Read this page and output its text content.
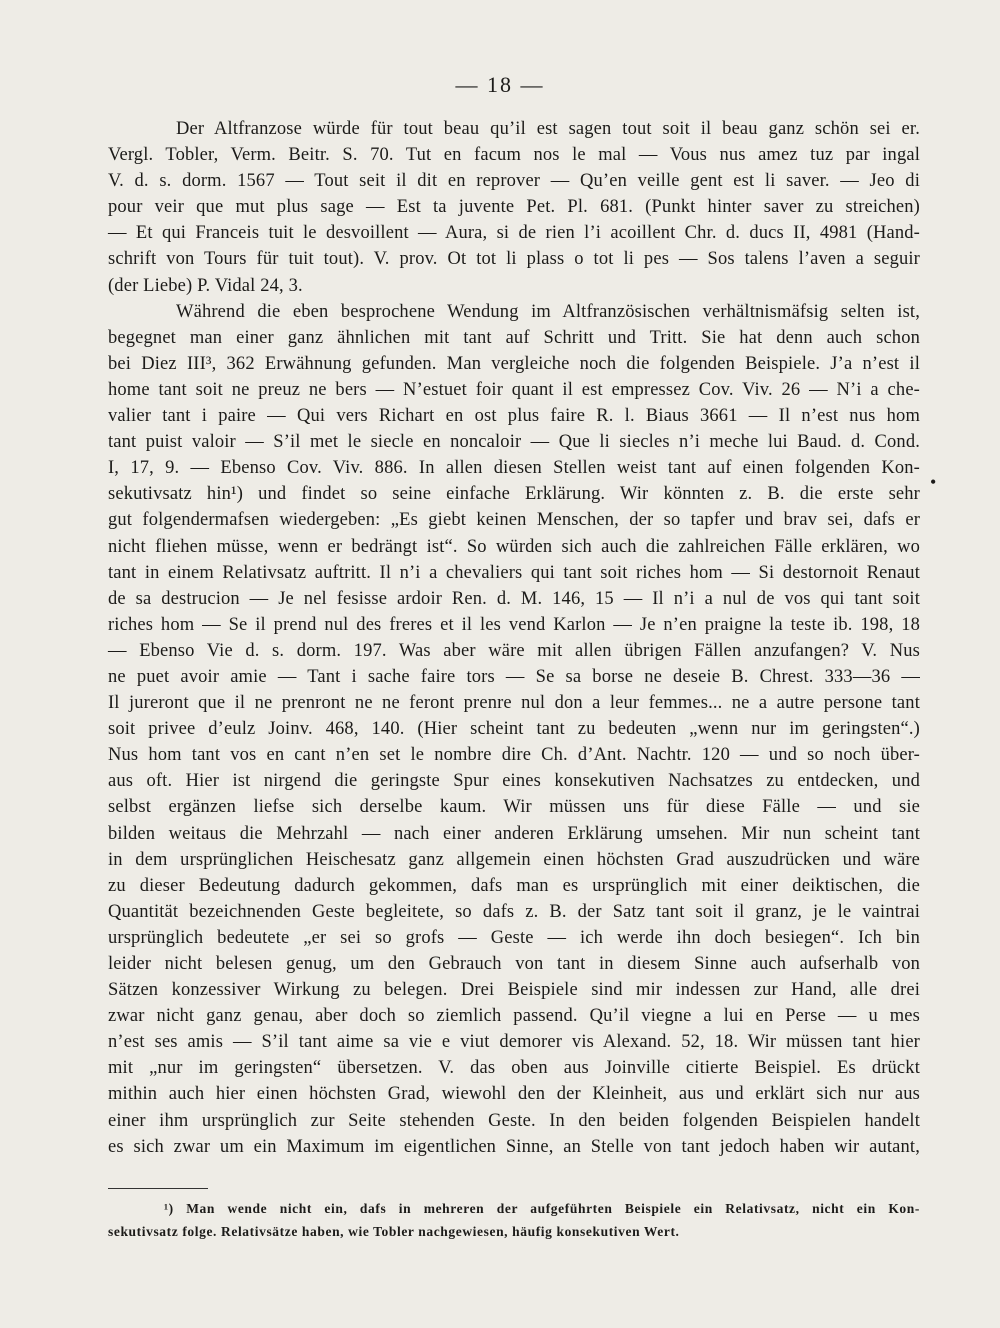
— 18 —
Der Altfranzose würde für tout beau qu’il est sagen tout soit il beau ganz schön sei er.
Vergl. Tobler, Verm. Beitr. S. 70. Tut en facum nos le mal — Vous nus amez tuz par ingal
V. d. s. dorm. 1567 — Tout seit il dit en reprover — Qu’en veille gent est li saver. — Jeo di
pour veir que mut plus sage — Est ta juvente Pet. Pl. 681. (Punkt hinter saver zu streichen)
— Et qui Franceis tuit le desvoillent — Aura, si de rien l’i acoillent Chr. d. ducs II, 4981 (Hand-
schrift von Tours für tuit tout). V. prov. Ot tot li plass o tot li pes — Sos talens l’aven a seguir
(der Liebe) P. Vidal 24, 3.
Während die eben besprochene Wendung im Altfranzösischen verhältnismäfsig selten ist,
begegnet man einer ganz ähnlichen mit tant auf Schritt und Tritt. Sie hat denn auch schon
bei Diez III³, 362 Erwähnung gefunden. Man vergleiche noch die folgenden Beispiele. J’a n’est il
home tant soit ne preuz ne bers — N’estuet foir quant il est empressez Cov. Viv. 26 — N’i a che-
valier tant i paire — Qui vers Richart en ost plus faire R. l. Biaus 3661 — Il n’est nus hom
tant puist valoir — S’il met le siecle en noncaloir — Que li siecles n’i meche lui Baud. d. Cond.
I, 17, 9. — Ebenso Cov. Viv. 886. In allen diesen Stellen weist tant auf einen folgenden Kon-
sekutivsatz hin¹) und findet so seine einfache Erklärung. Wir könnten z. B. die erste sehr
gut folgendermafsen wiedergeben: „Es giebt keinen Menschen, der so tapfer und brav sei, dafs er
nicht fliehen müsse, wenn er bedrängt ist“. So würden sich auch die zahlreichen Fälle erklären, wo
tant in einem Relativsatz auftritt. Il n’i a chevaliers qui tant soit riches hom — Si destornoit Renaut
de sa destrucion — Je nel fesisse ardoir Ren. d. M. 146, 15 — Il n’i a nul de vos qui tant soit
riches hom — Se il prend nul des freres et il les vend Karlon — Je n’en praigne la teste ib. 198, 18
— Ebenso Vie d. s. dorm. 197. Was aber wäre mit allen übrigen Fällen anzufangen? V. Nus
ne puet avoir amie — Tant i sache faire tors — Se sa borse ne deseie B. Chrest. 333—36 —
Il jureront que il ne prenront ne ne feront prenre nul don a leur femmes... ne a autre persone tant
soit privee d’eulz Joinv. 468, 140. (Hier scheint tant zu bedeuten „wenn nur im geringsten“.)
Nus hom tant vos en cant n’en set le nombre dire Ch. d’Ant. Nachtr. 120 — und so noch über-
aus oft. Hier ist nirgend die geringste Spur eines konsekutiven Nachsatzes zu entdecken, und
selbst ergänzen liefse sich derselbe kaum. Wir müssen uns für diese Fälle — und sie
bilden weitaus die Mehrzahl — nach einer anderen Erklärung umsehen. Mir nun scheint tant
in dem ursprünglichen Heischesatz ganz allgemein einen höchsten Grad auszudrücken und wäre
zu dieser Bedeutung dadurch gekommen, dafs man es ursprünglich mit einer deiktischen, die
Quantität bezeichnenden Geste begleitete, so dafs z. B. der Satz tant soit il granz, je le vaintrai
ursprünglich bedeutete „er sei so grofs — Geste — ich werde ihn doch besiegen“. Ich bin
leider nicht belesen genug, um den Gebrauch von tant in diesem Sinne auch aufserhalb von
Sätzen konzessiver Wirkung zu belegen. Drei Beispiele sind mir indessen zur Hand, alle drei
zwar nicht ganz genau, aber doch so ziemlich passend. Qu’il viegne a lui en Perse — u mes
n’est ses amis — S’il tant aime sa vie e viut demorer vis Alexand. 52, 18. Wir müssen tant hier
mit „nur im geringsten“ übersetzen. V. das oben aus Joinville citierte Beispiel. Es drückt
mithin auch hier einen höchsten Grad, wiewohl den der Kleinheit, aus und erklärt sich nur aus
einer ihm ursprünglich zur Seite stehenden Geste. In den beiden folgenden Beispielen handelt
es sich zwar um ein Maximum im eigentlichen Sinne, an Stelle von tant jedoch haben wir autant,
•
¹) Man wende nicht ein, dafs in mehreren der aufgeführten Beispiele ein Relativsatz, nicht ein Kon-
sekutivsatz folge. Relativsätze haben, wie Tobler nachgewiesen, häufig konsekutiven Wert.
